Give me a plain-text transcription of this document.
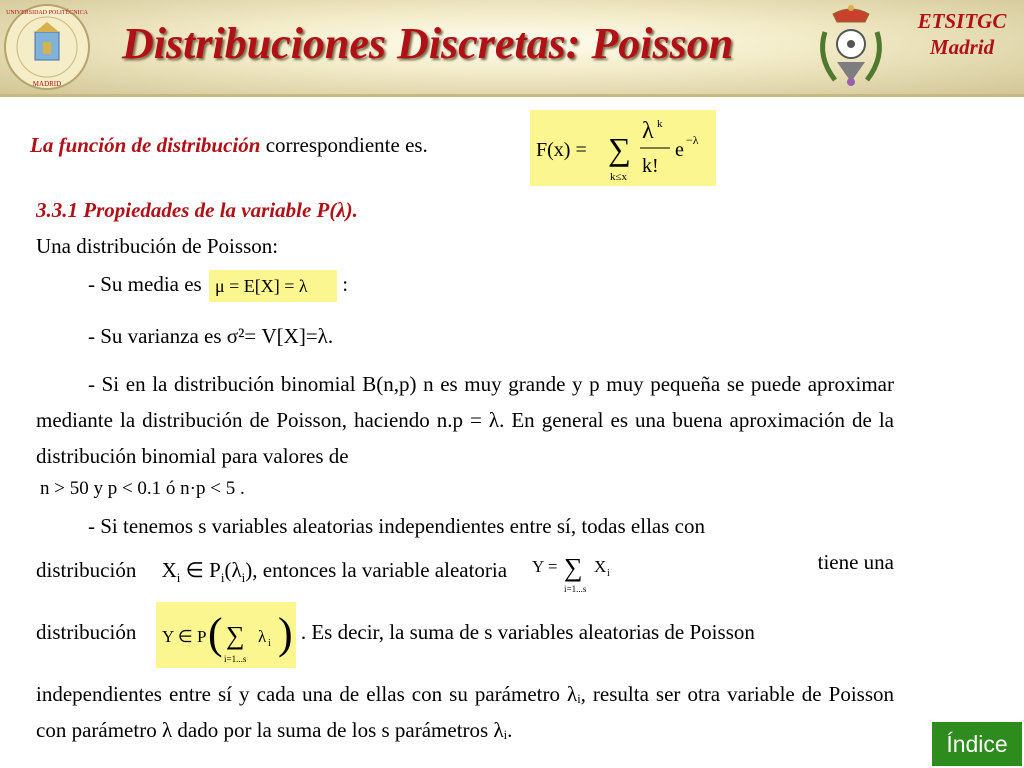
UNIVERSIDAD POLITÉCNICA
MADRID
Distribuciones Discretas: Poisson	ETSITGC
Madrid
La función de distribución correspondiente es.	F(x) = ∑
k≤x
λ k
k!
e −λ
3.3.1 Propiedades de la variable P(λ).
Una distribución de Poisson:
- Su media es μ = E[X] = λ :
- Su varianza es σ²= V[X]=λ.
- Si en la distribución binomial B(n,p) n es muy grande y p muy pequeña se puede aproximar mediante la distribución de Poisson, haciendo n.p = λ. En general es una buena aproximación de la distribución binomial para valores de
n > 50 y p < 0.1 ó n·p < 5 .
- Si tenemos s variables aleatorias independientes entre sí, todas ellas con
distribución $X_i$ ∈ $P_i(\lambda_i)$, entonces la variable aleatoria Y = ∑
i=1...s
X i	tiene una
distribución Y ∈ P ( ∑
i=1...s
λ i ) . Es decir, la suma de s variables aleatorias de Poisson
independientes entre sí y cada una de ellas con su parámetro λᵢ, resulta ser otra variable de Poisson con parámetro λ dado por la suma de los s parámetros λᵢ.
Índice
